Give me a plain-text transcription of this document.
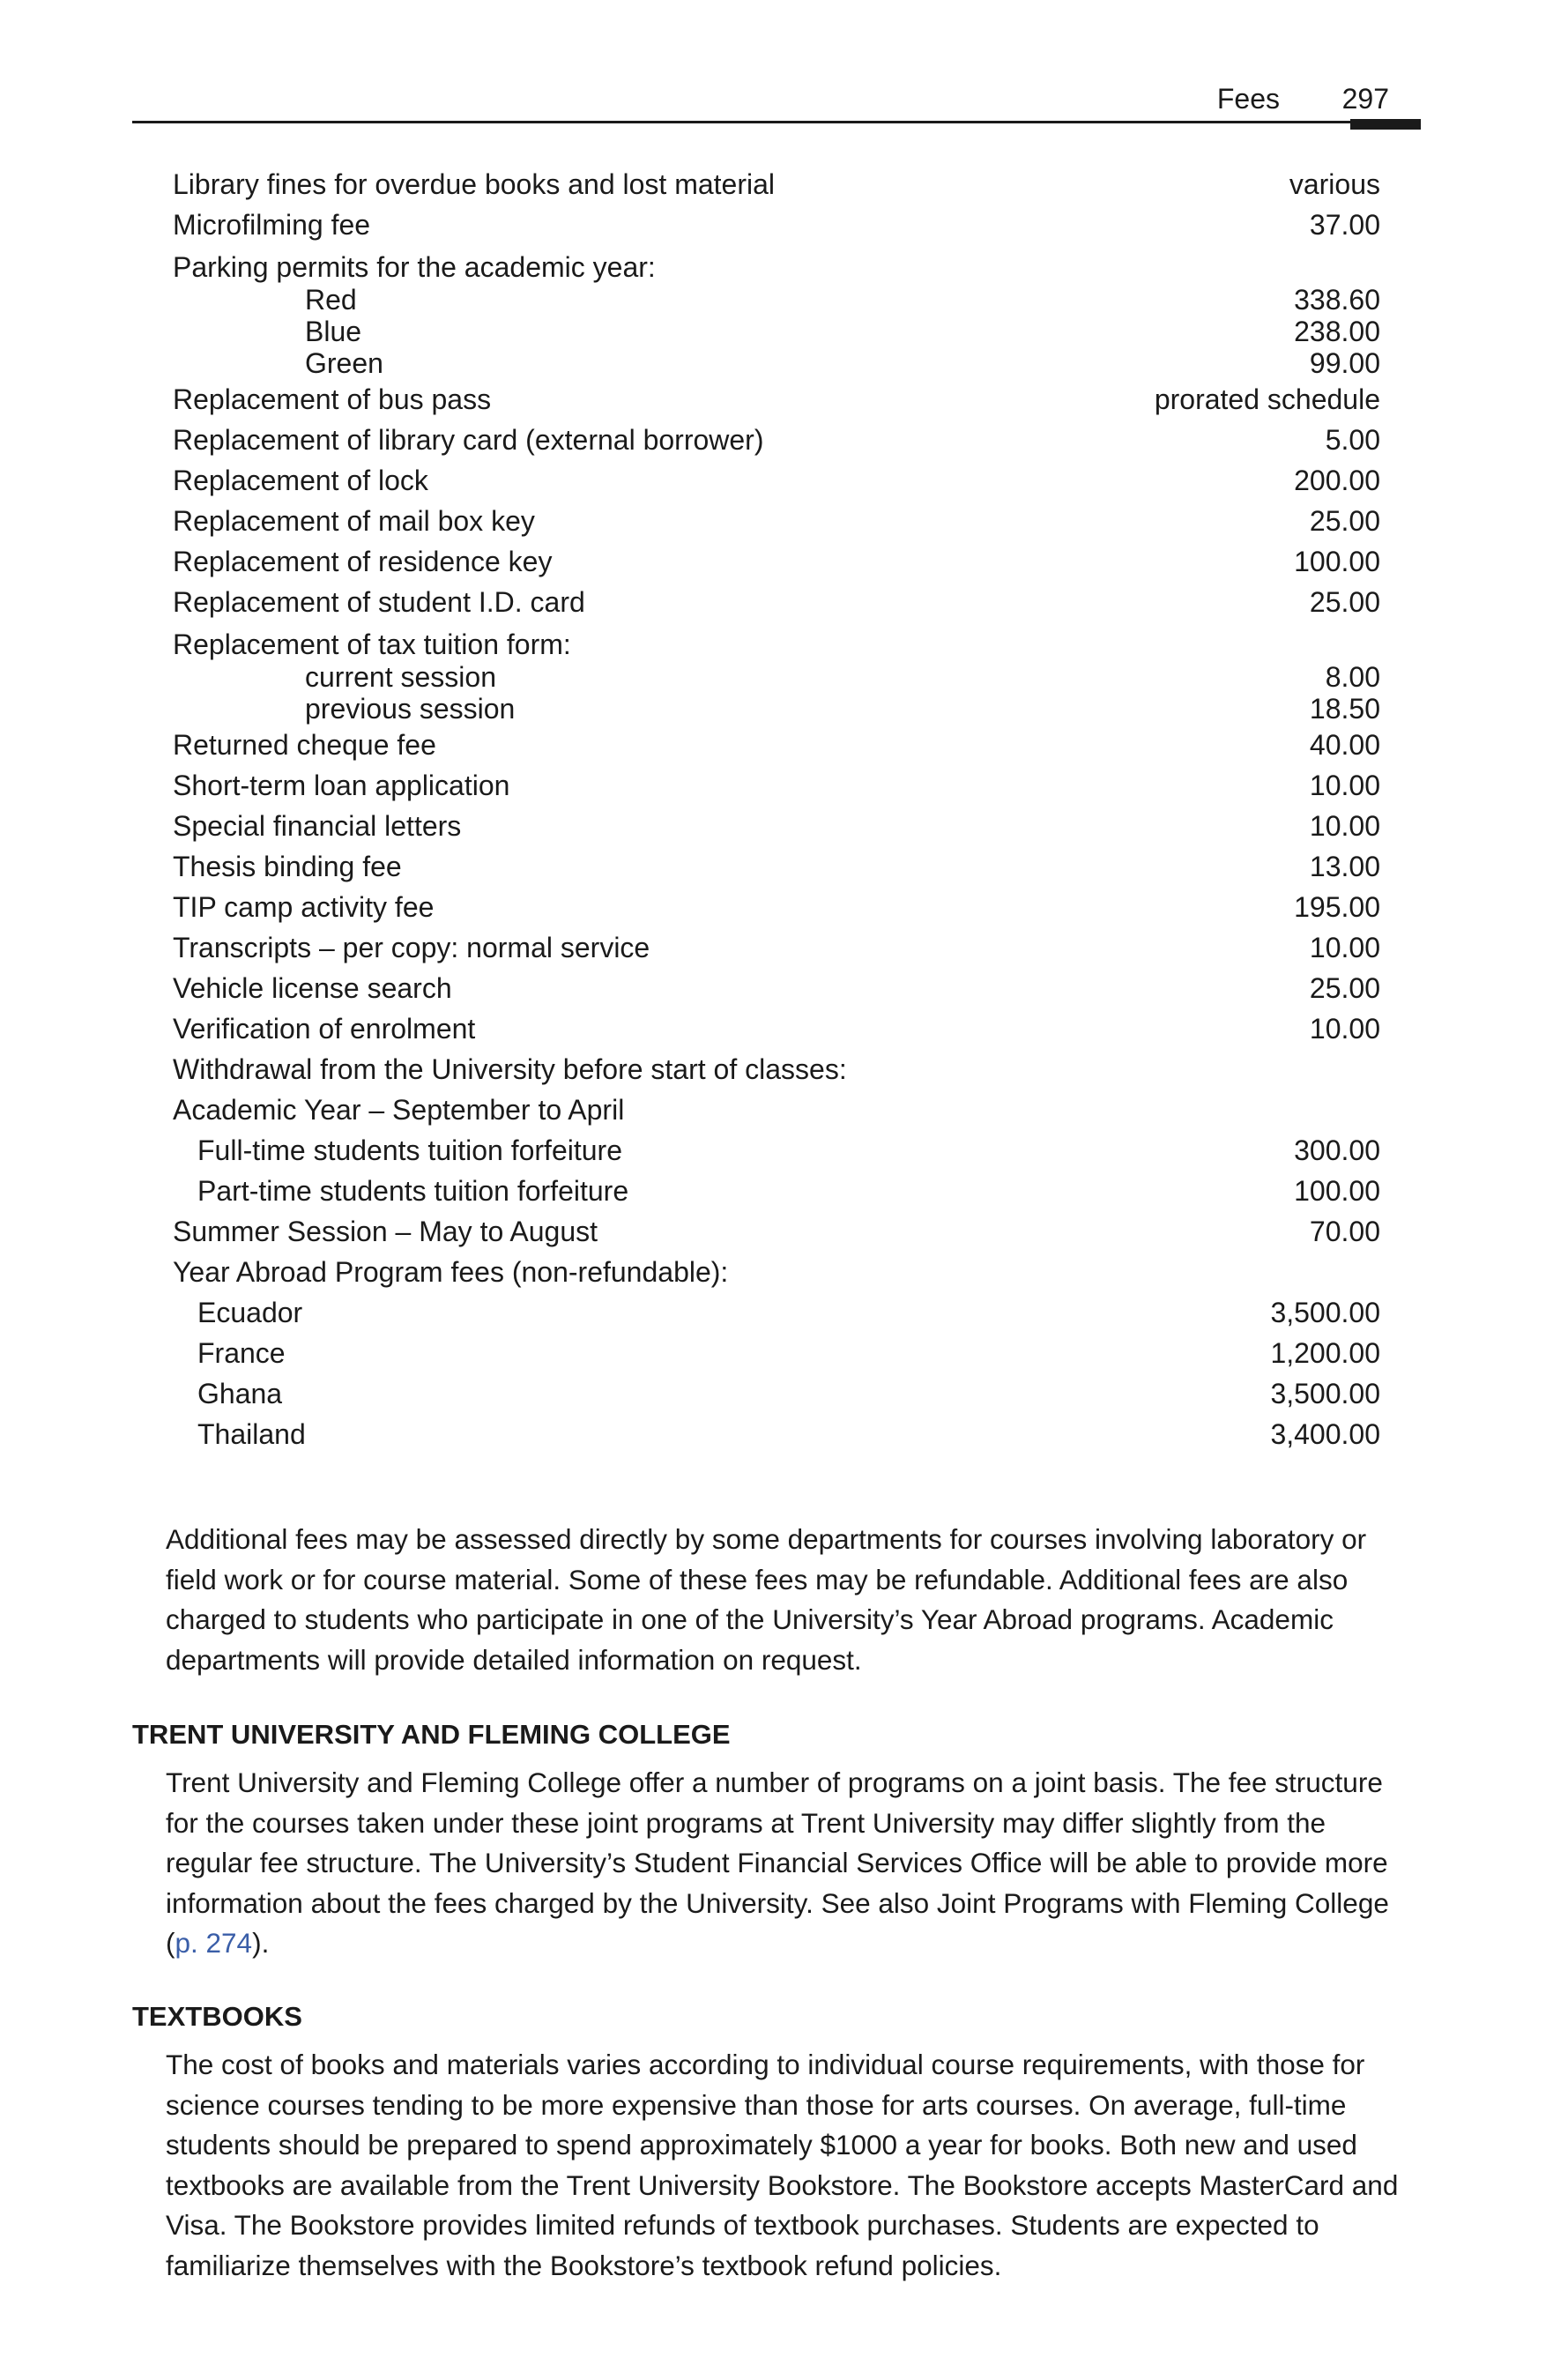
Fees 297
Library fines for overdue books and lost material	various
Microfilming fee	37.00
Parking permits for the academic year:
Red	338.60
Blue	238.00
Green	99.00
Replacement of bus pass	prorated schedule
Replacement of library card (external borrower)	5.00
Replacement of lock	200.00
Replacement of mail box key	25.00
Replacement of residence key	100.00
Replacement of student I.D. card	25.00
Replacement of tax tuition form:
current session	8.00
previous session	18.50
Returned cheque fee	40.00
Short-term loan application	10.00
Special financial letters	10.00
Thesis binding fee	13.00
TIP camp activity fee	195.00
Transcripts – per copy: normal service	10.00
Vehicle license search	25.00
Verification of enrolment	10.00
Withdrawal from the University before start of classes:
Academic Year – September to April
Full-time students tuition forfeiture	300.00
Part-time students tuition forfeiture	100.00
Summer Session – May to August	70.00
Year Abroad Program fees (non-refundable):
Ecuador	3,500.00
France	1,200.00
Ghana	3,500.00
Thailand	3,400.00

Additional fees may be assessed directly by some departments for courses involving laboratory or field work or for course material. Some of these fees may be refundable. Additional fees are also charged to students who participate in one of the University’s Year Abroad programs. Academic departments will provide detailed information on request.

TRENT UNIVERSITY AND FLEMING COLLEGE

Trent University and Fleming College offer a number of programs on a joint basis. The fee structure for the courses taken under these joint programs at Trent University may differ slightly from the regular fee structure. The University’s Student Financial Services Office will be able to provide more information about the fees charged by the University. See also Joint Programs with Fleming College (p. 274).

TEXTBOOKS

The cost of books and materials varies according to individual course requirements, with those for science courses tending to be more expensive than those for arts courses. On average, full-time students should be prepared to spend approximately $1000 a year for books. Both new and used textbooks are available from the Trent University Bookstore. The Bookstore accepts MasterCard and Visa. The Bookstore provides limited refunds of textbook purchases. Students are expected to familiarize themselves with the Bookstore’s textbook refund policies.
